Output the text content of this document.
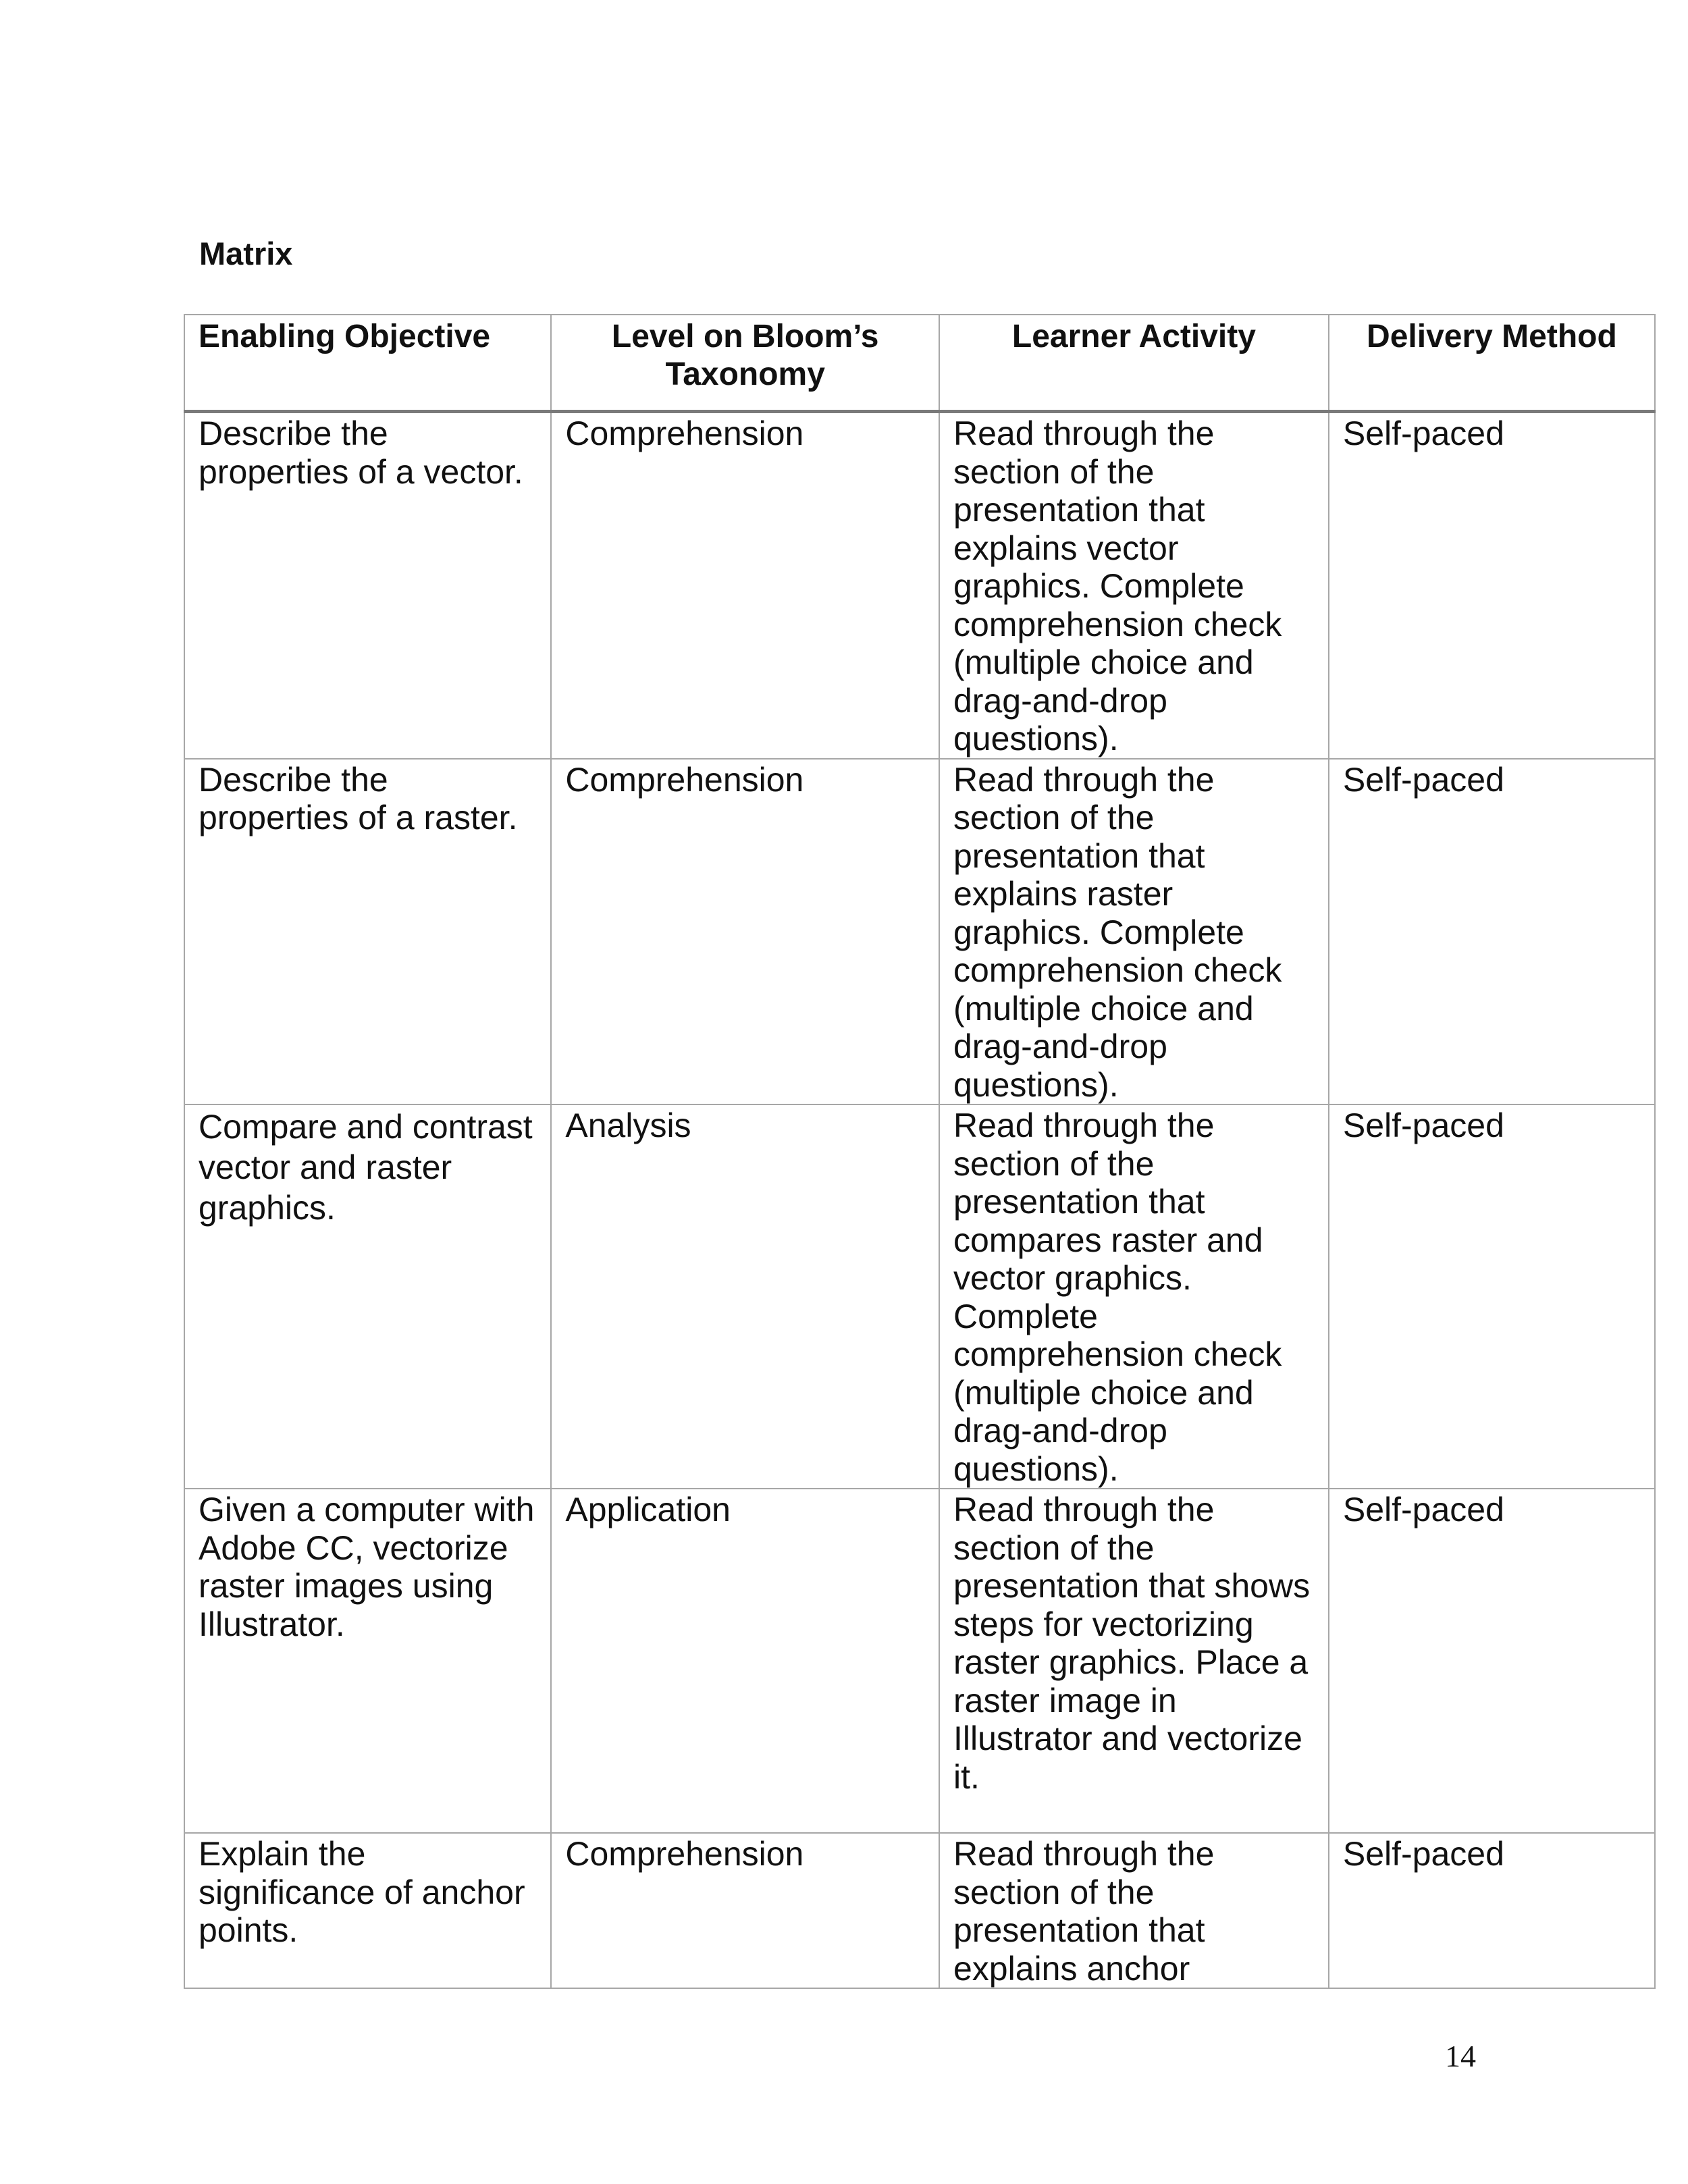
Matrix
Enabling Objective	Level on Bloom’s Taxonomy	Learner Activity	Delivery Method
Describe the properties of a vector.	Comprehension	Read through the section of the presentation that explains vector graphics. Complete comprehension check (multiple choice and drag-and-drop questions).	Self-paced
Describe the properties of a raster.	Comprehension	Read through the section of the presentation that explains raster graphics. Complete comprehension check (multiple choice and drag-and-drop questions).	Self-paced
Compare and contrast vector and raster graphics.	Analysis	Read through the section of the presentation that compares raster and vector graphics. Complete comprehension check (multiple choice and drag-and-drop questions).	Self-paced
Given a computer with Adobe CC, vectorize raster images using Illustrator.	Application	Read through the section of the presentation that shows steps for vectorizing raster graphics. Place a raster image in Illustrator and vectorize it.	Self-paced
Explain the significance of anchor points.	Comprehension	Read through the section of the presentation that explains anchor	Self-paced
14
